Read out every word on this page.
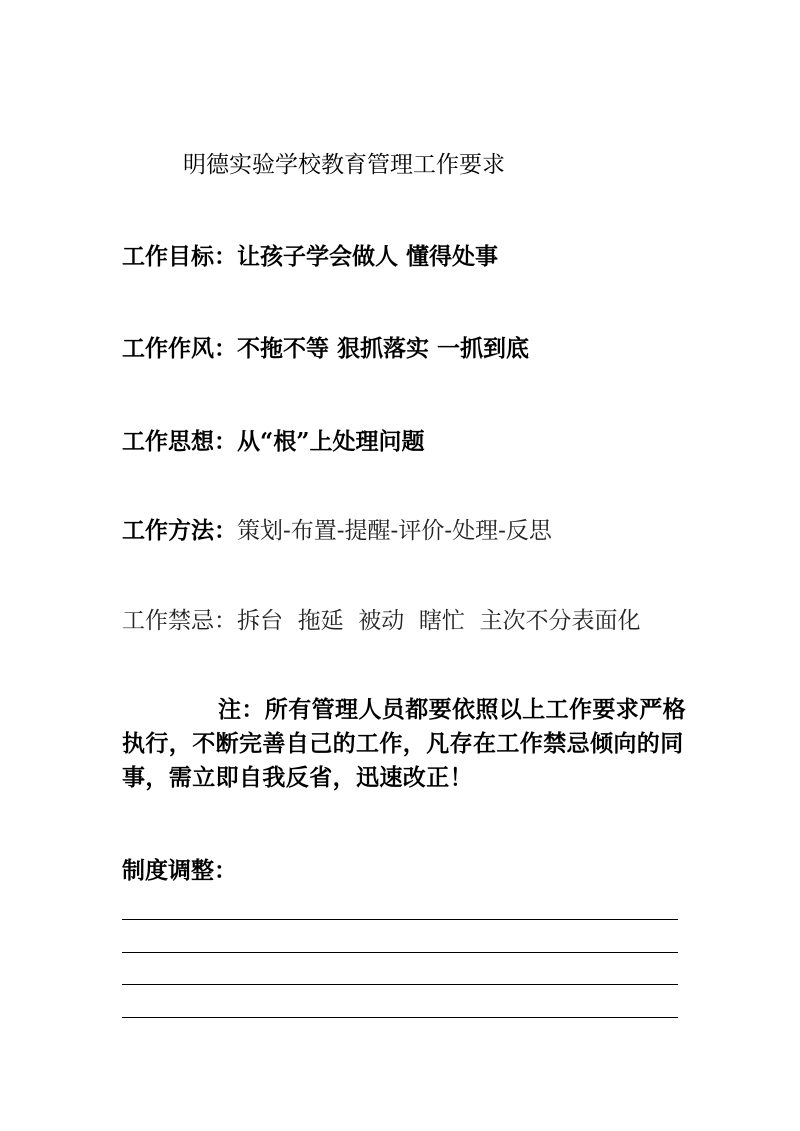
明德实验学校教育管理工作要求
工作目标：让孩子学会做人 懂得处事
工作作风：不拖不等 狠抓落实 一抓到底
工作思想：从“根”上处理问题
工作方法：策划-布置-提醒-评价-处理-反思
工作禁忌：拆台  拖延  被动  瞎忙  主次不分表面化
注：所有管理人员都要依照以上工作要求严格执行，不断完善自己的工作，凡存在工作禁忌倾向的同事，需立即自我反省，迅速改正！
制度调整：
